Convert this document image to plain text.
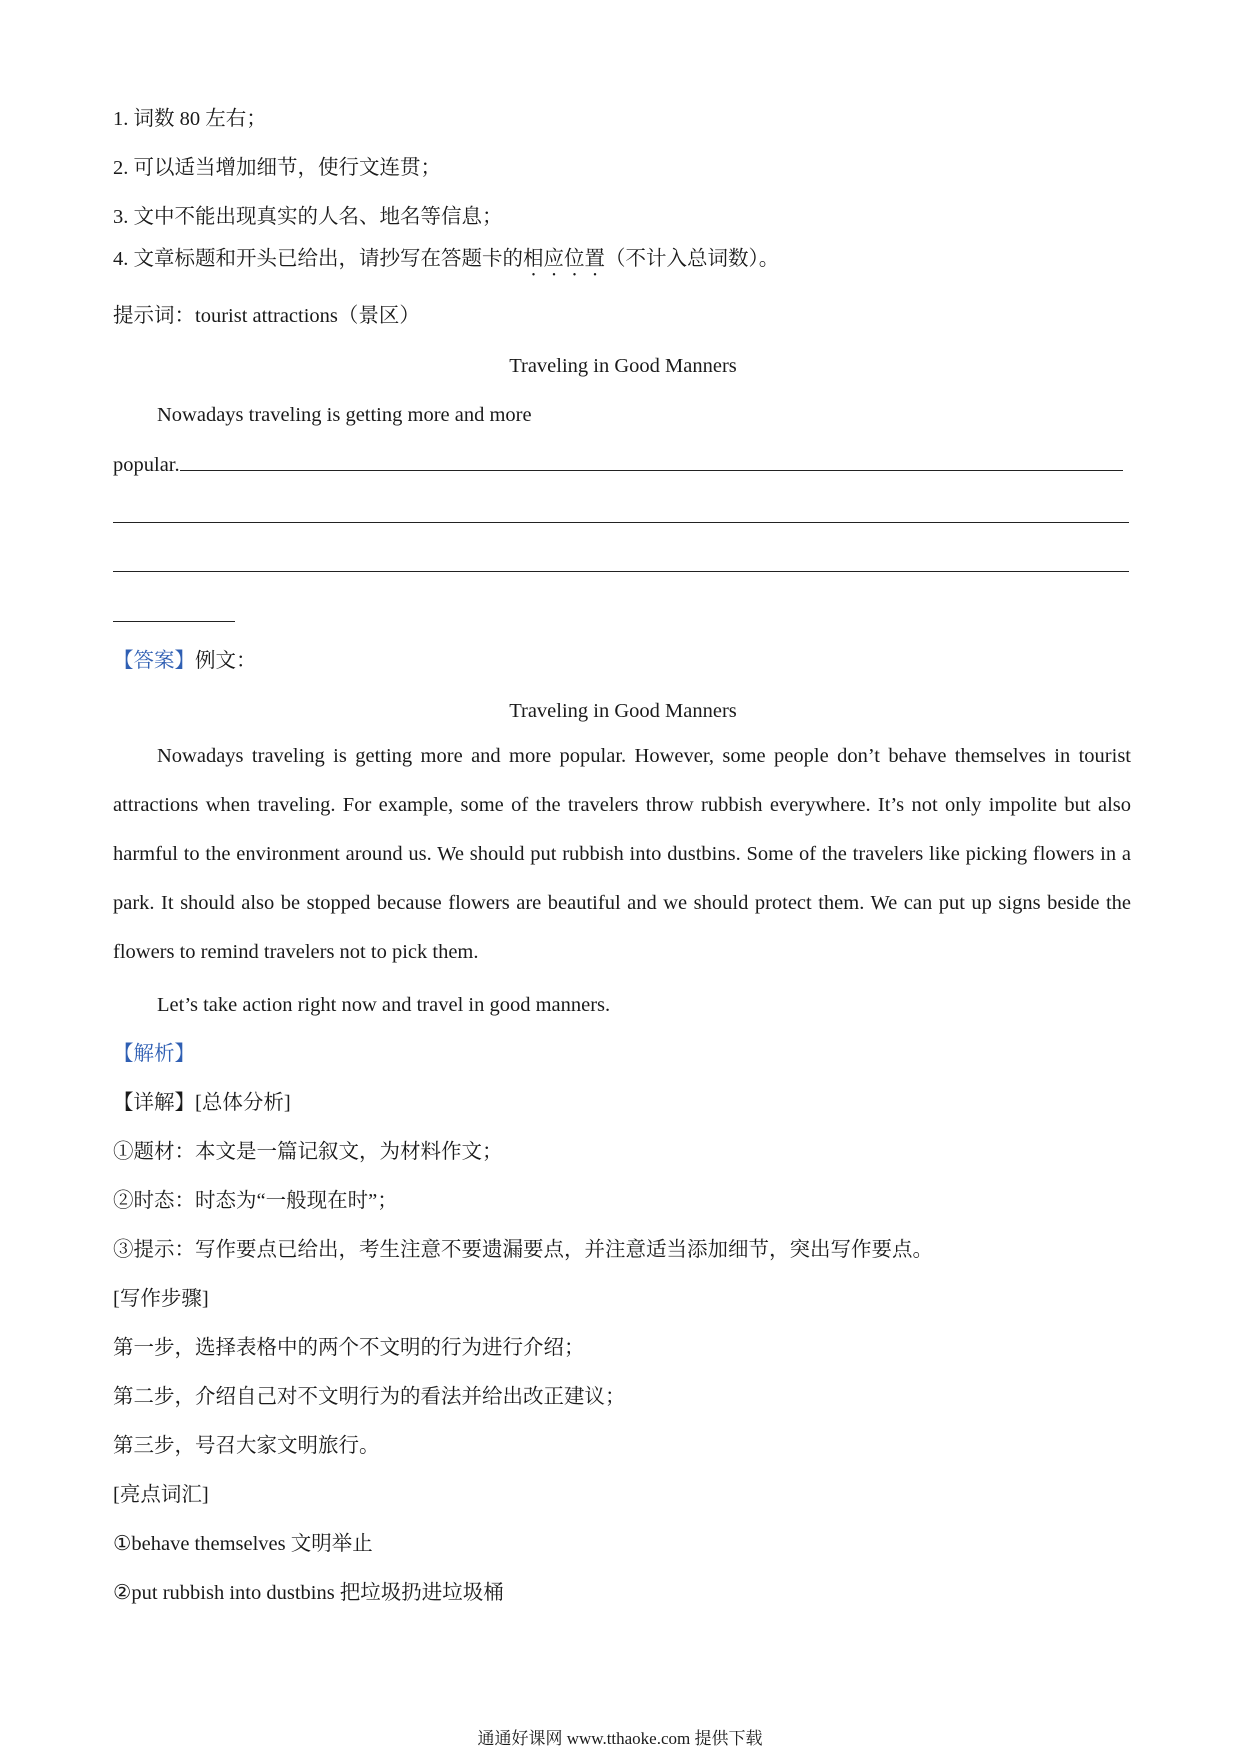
1. 词数 80 左右；
2. 可以适当增加细节，使行文连贯；
3. 文中不能出现真实的人名、地名等信息；
4. 文章标题和开头已给出，请抄写在答题卡的相应位置（不计入总词数）。
提示词：tourist attractions（景区）
Traveling in Good Manners
Nowadays traveling is getting more and more
popular.
【答案】例文：
Traveling in Good Manners
Nowadays traveling is getting more and more popular. However, some people don’t behave themselves in tourist attractions when traveling. For example, some of the travelers throw rubbish everywhere. It’s not only impolite but also harmful to the environment around us. We should put rubbish into dustbins. Some of the travelers like picking flowers in a park. It should also be stopped because flowers are beautiful and we should protect them. We can put up signs beside the flowers to remind travelers not to pick them.
Let’s take action right now and travel in good manners.
【解析】
【详解】[总体分析]
①题材：本文是一篇记叙文，为材料作文；
②时态：时态为“一般现在时”；
③提示：写作要点已给出，考生注意不要遗漏要点，并注意适当添加细节，突出写作要点。
[写作步骤]
第一步，选择表格中的两个不文明的行为进行介绍；
第二步，介绍自己对不文明行为的看法并给出改正建议；
第三步，号召大家文明旅行。
[亮点词汇]
①behave themselves 文明举止
②put rubbish into dustbins 把垃圾扔进垃圾桶
通通好课网 www.tthaoke.com 提供下载
